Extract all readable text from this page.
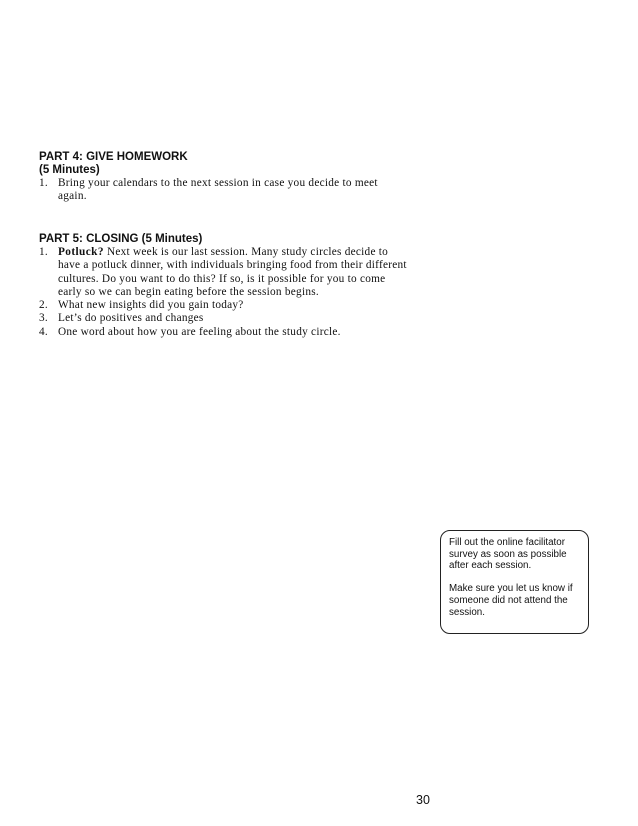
PART 4: GIVE HOMEWORK

(5 Minutes)

1. Bring your calendars to the next session in case you decide to meet again.

PART 5: CLOSING (5 Minutes)

1. Potluck? Next week is our last session. Many study circles decide to have a potluck dinner, with individuals bringing food from their different cultures. Do you want to do this? If so, is it possible for you to come early so we can begin eating before the session begins.
2. What new insights did you gain today?
3. Let’s do positives and changes
4. One word about how you are feeling about the study circle.

Fill out the online facilitator survey as soon as possible after each session.

Make sure you let us know if someone did not attend the session.

30
